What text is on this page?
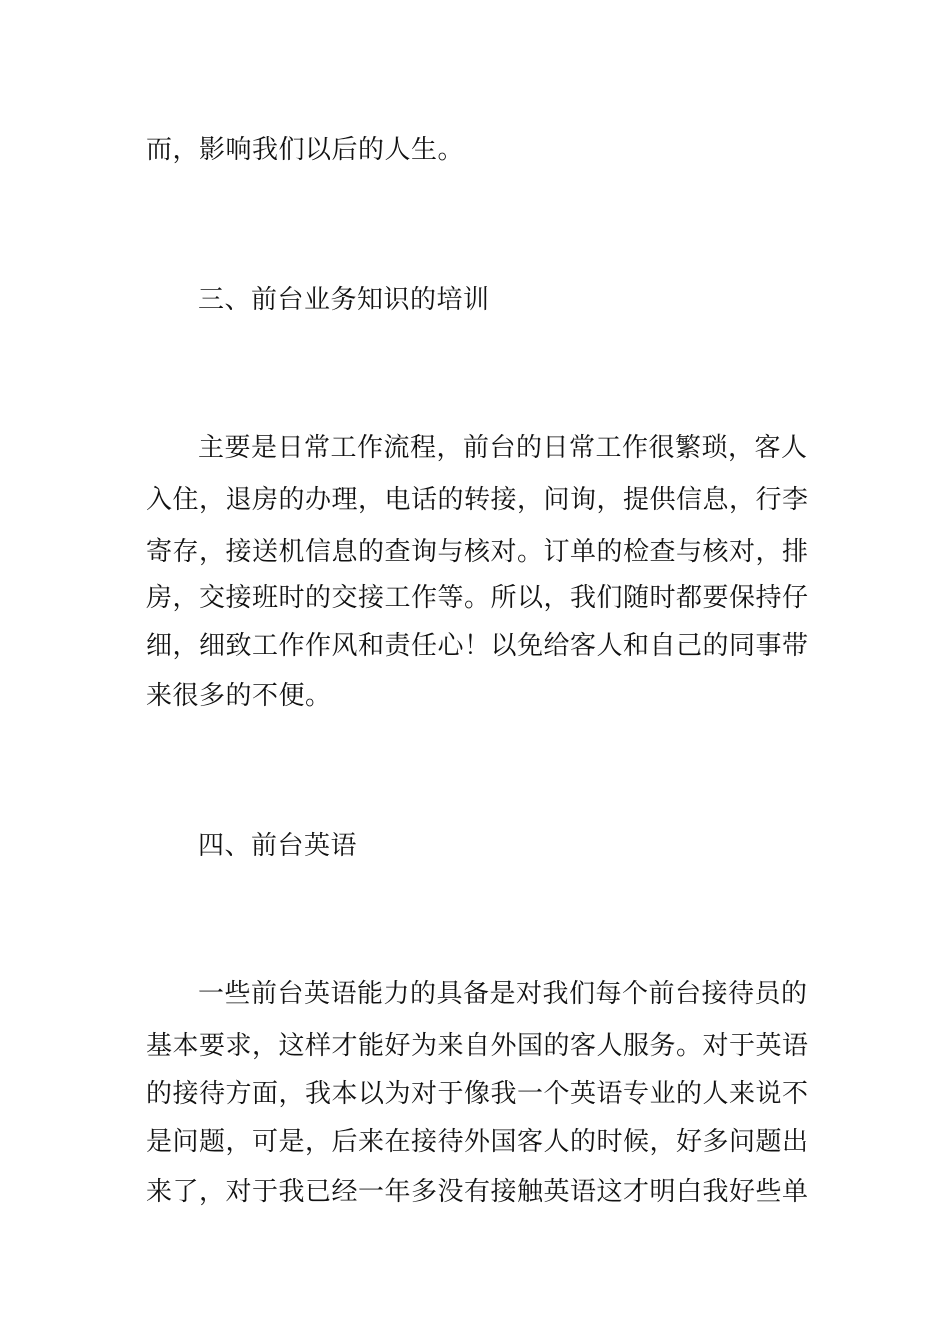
而，影响我们以后的人生。
三、前台业务知识的培训
主要是日常工作流程，前台的日常工作很繁琐，客人
入住，退房的办理，电话的转接，问询，提供信息，行李
寄存，接送机信息的查询与核对。订单的检查与核对，排
房，交接班时的交接工作等。所以，我们随时都要保持仔
细，细致工作作风和责任心！以免给客人和自己的同事带
来很多的不便。
四、前台英语
一些前台英语能力的具备是对我们每个前台接待员的
基本要求，这样才能好为来自外国的客人服务。对于英语
的接待方面，我本以为对于像我一个英语专业的人来说不
是问题，可是，后来在接待外国客人的时候，好多问题出
来了，对于我已经一年多没有接触英语这才明白我好些单
